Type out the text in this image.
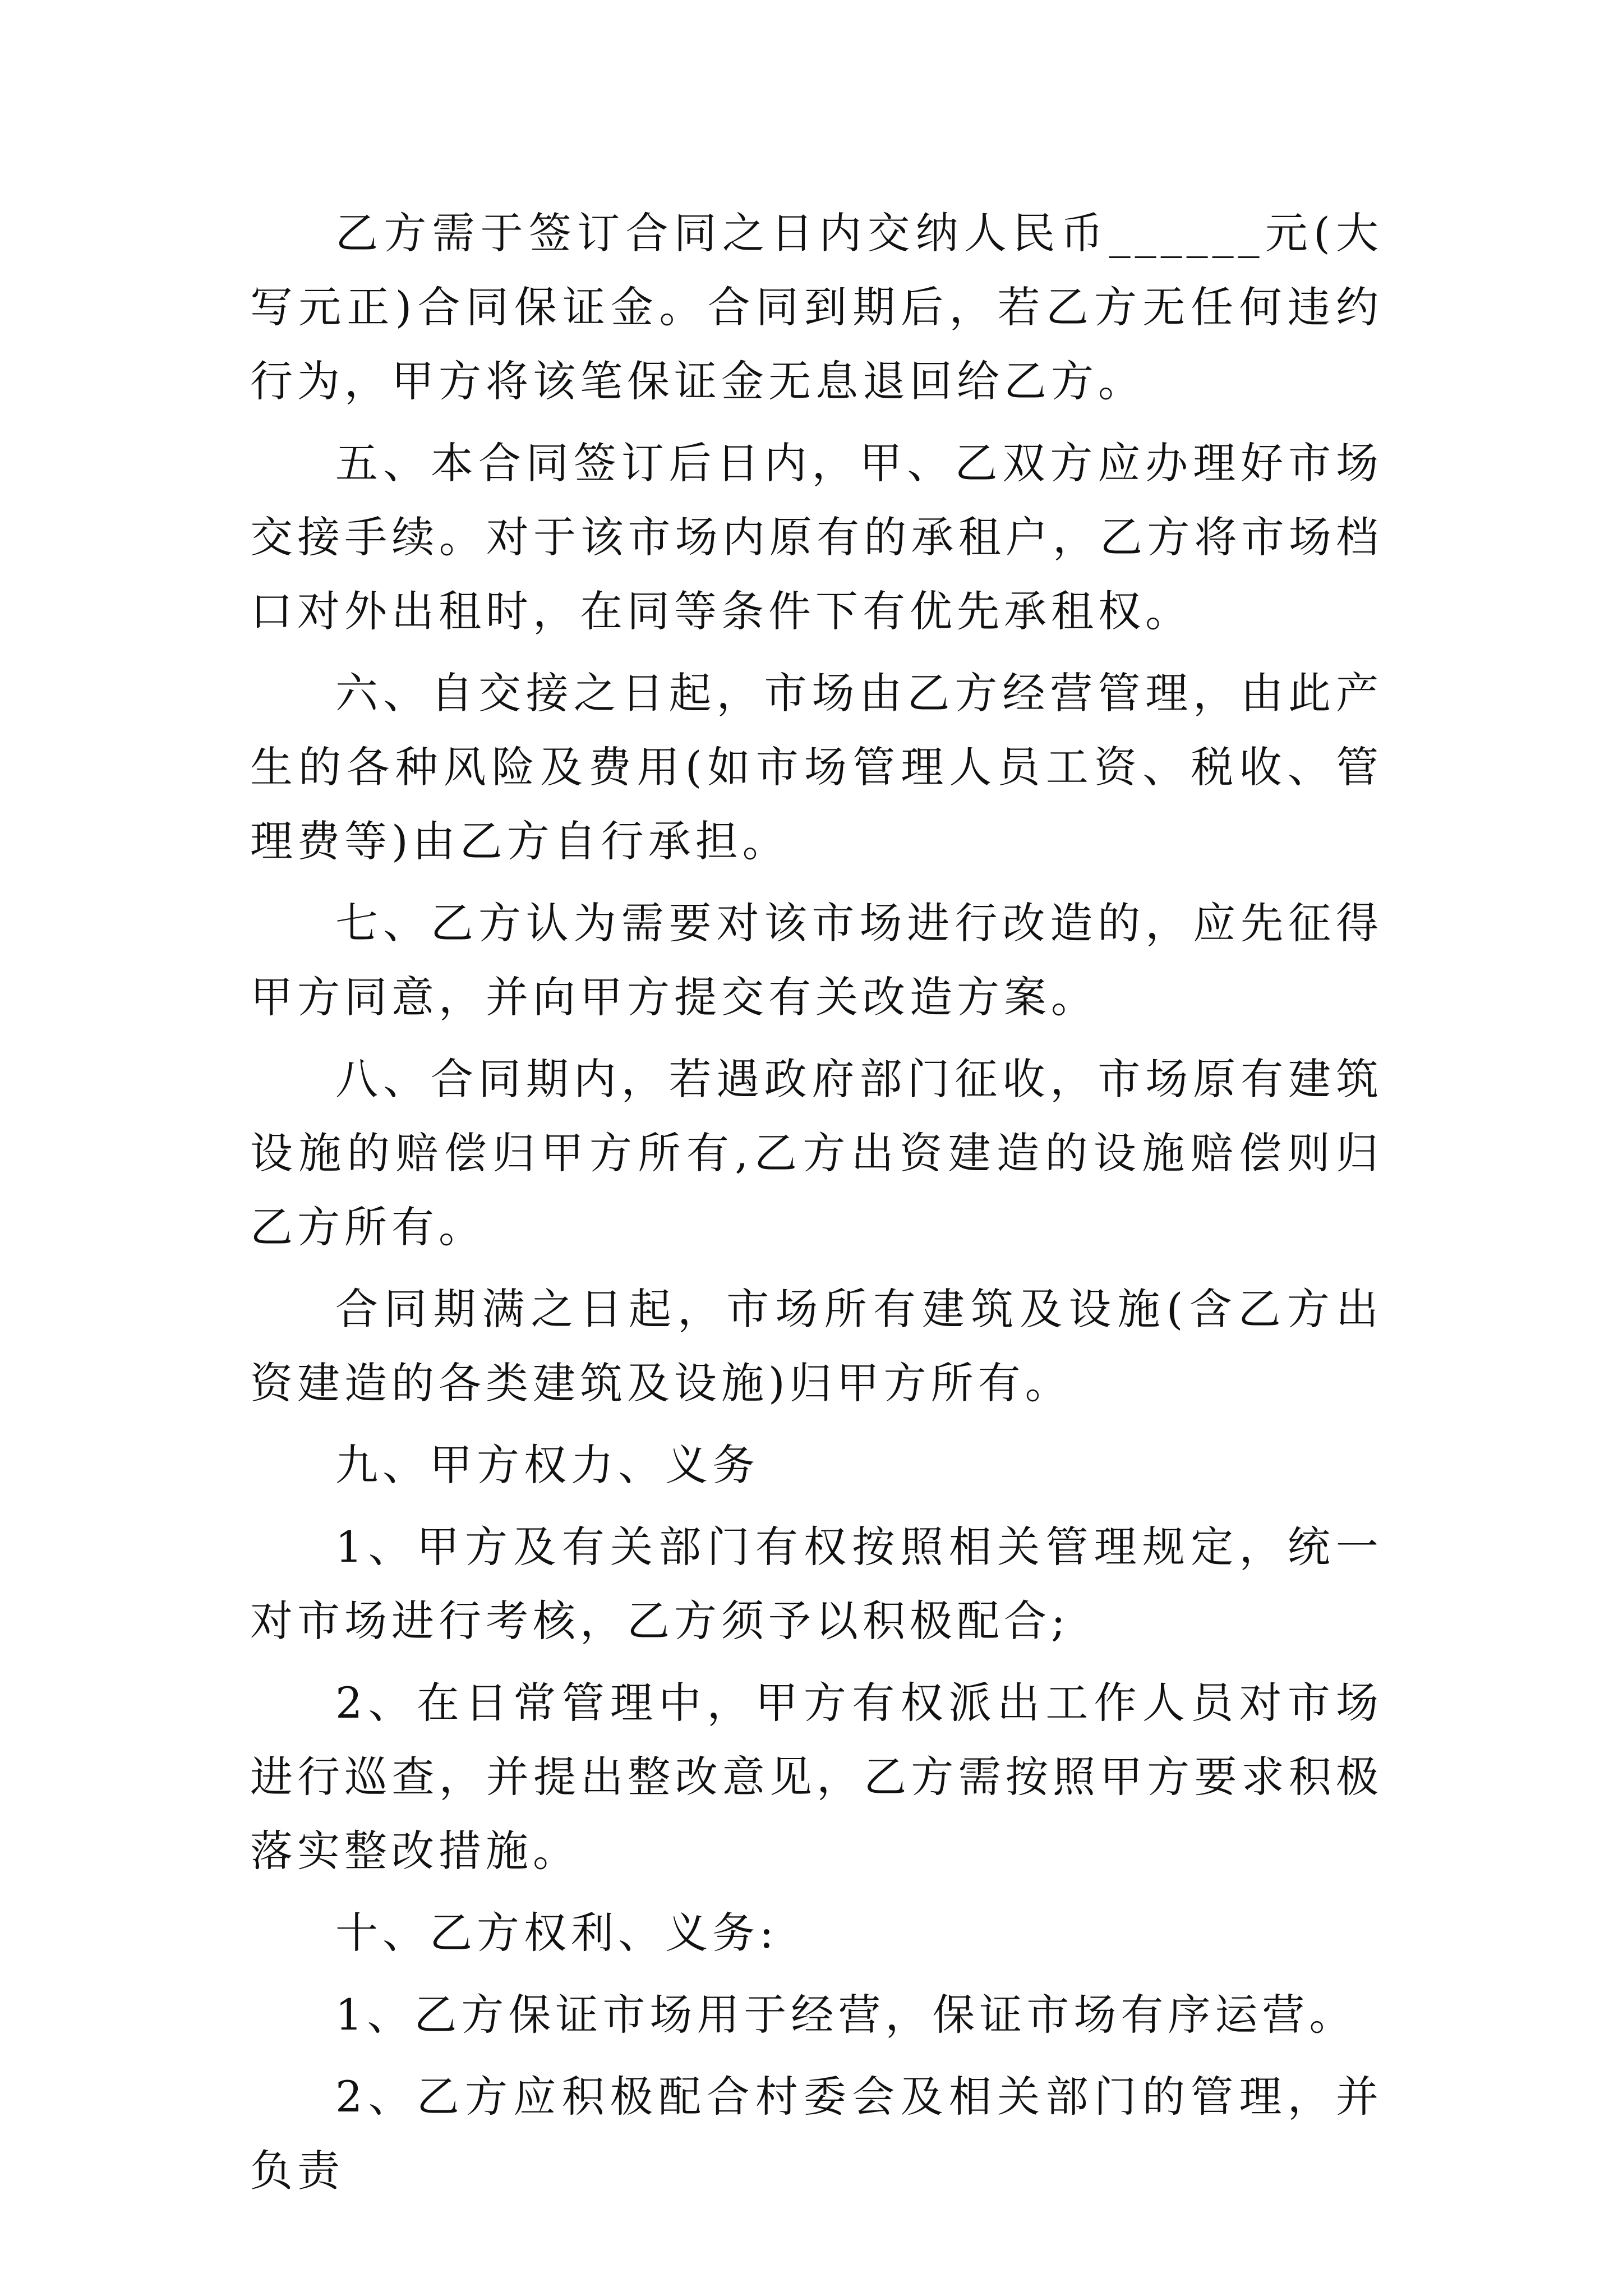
乙方需于签订合同之日内交纳人民币______元(大写元正)合同保证金。合同到期后，若乙方无任何违约行为，甲方将该笔保证金无息退回给乙方。

五、本合同签订后日内，甲、乙双方应办理好市场交接手续。对于该市场内原有的承租户，乙方将市场档口对外出租时，在同等条件下有优先承租权。

六、自交接之日起，市场由乙方经营管理，由此产生的各种风险及费用(如市场管理人员工资、税收、管理费等)由乙方自行承担。

七、乙方认为需要对该市场进行改造的，应先征得甲方同意，并向甲方提交有关改造方案。

八、合同期内，若遇政府部门征收，市场原有建筑设施的赔偿归甲方所有,乙方出资建造的设施赔偿则归乙方所有。

合同期满之日起，市场所有建筑及设施(含乙方出资建造的各类建筑及设施)归甲方所有。

九、甲方权力、义务

1、甲方及有关部门有权按照相关管理规定，统一对市场进行考核，乙方须予以积极配合;

2、在日常管理中，甲方有权派出工作人员对市场进行巡查，并提出整改意见，乙方需按照甲方要求积极落实整改措施。

十、乙方权利、义务:

1、乙方保证市场用于经营，保证市场有序运营。

2、乙方应积极配合村委会及相关部门的管理，并负责
